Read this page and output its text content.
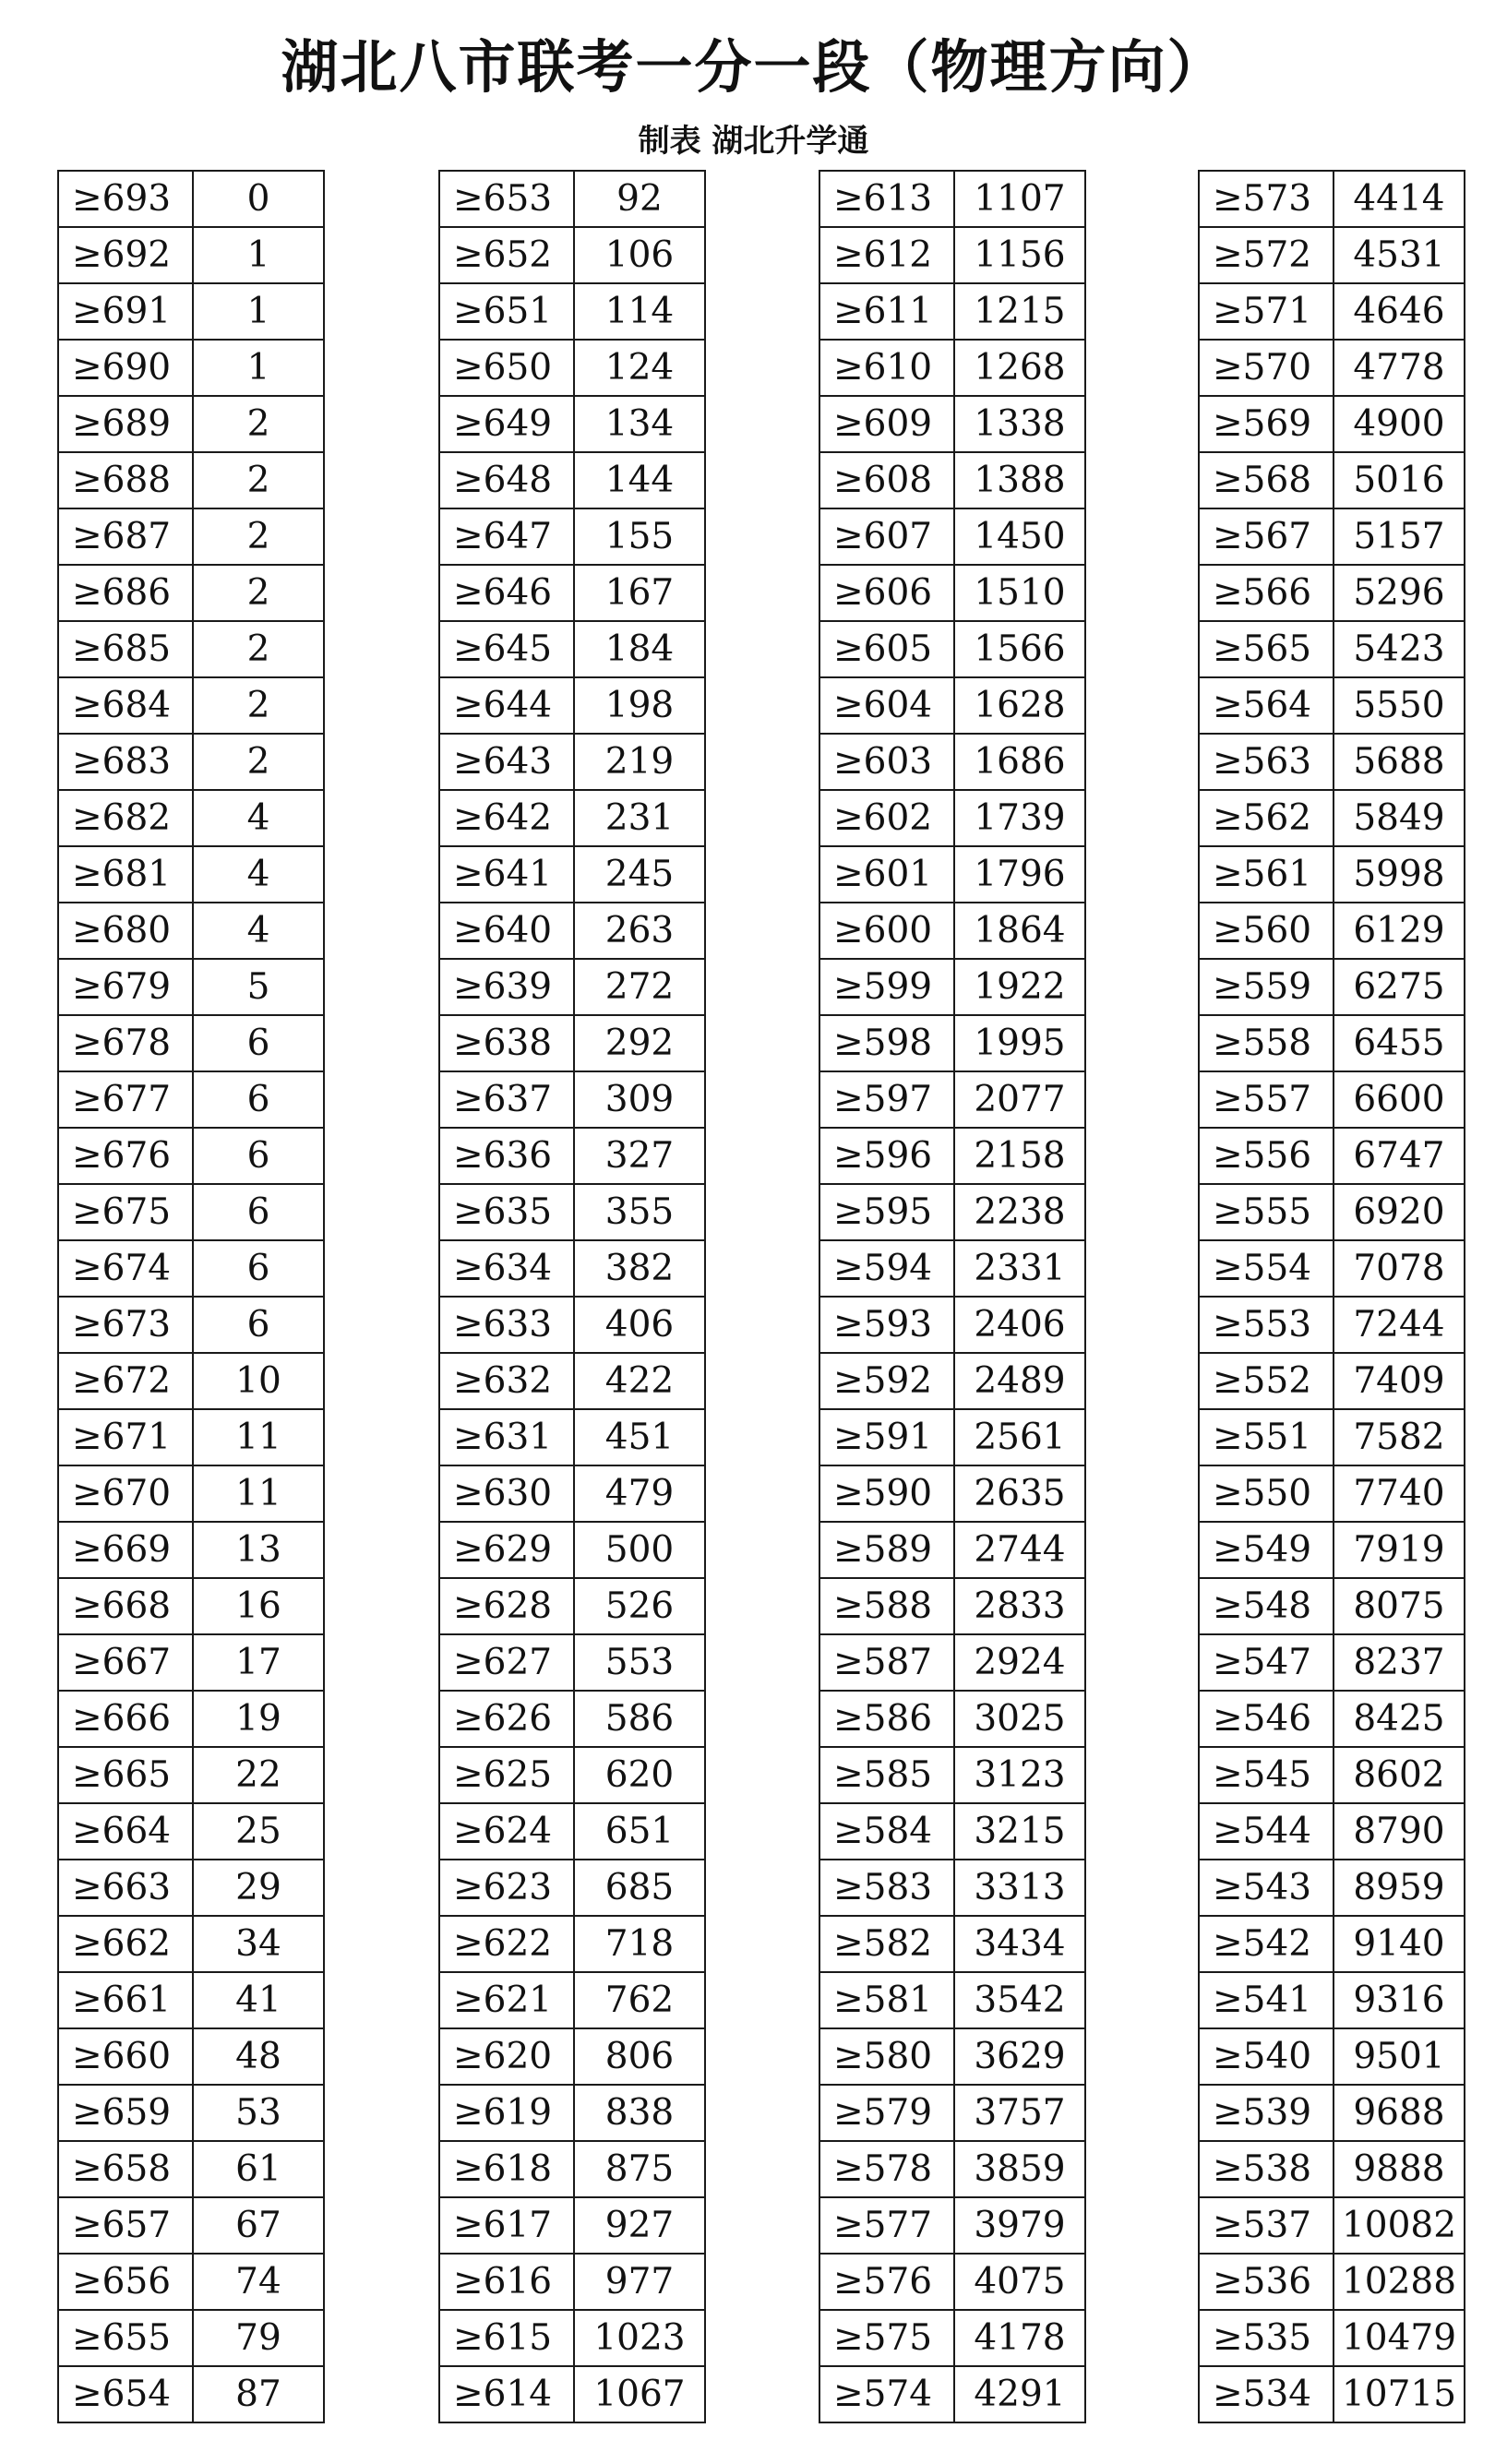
湖北八市联考一分一段（物理方向）
制表 湖北升学通
≥693	0
≥692	1
≥691	1
≥690	1
≥689	2
≥688	2
≥687	2
≥686	2
≥685	2
≥684	2
≥683	2
≥682	4
≥681	4
≥680	4
≥679	5
≥678	6
≥677	6
≥676	6
≥675	6
≥674	6
≥673	6
≥672	10
≥671	11
≥670	11
≥669	13
≥668	16
≥667	17
≥666	19
≥665	22
≥664	25
≥663	29
≥662	34
≥661	41
≥660	48
≥659	53
≥658	61
≥657	67
≥656	74
≥655	79
≥654	87
≥653	92
≥652	106
≥651	114
≥650	124
≥649	134
≥648	144
≥647	155
≥646	167
≥645	184
≥644	198
≥643	219
≥642	231
≥641	245
≥640	263
≥639	272
≥638	292
≥637	309
≥636	327
≥635	355
≥634	382
≥633	406
≥632	422
≥631	451
≥630	479
≥629	500
≥628	526
≥627	553
≥626	586
≥625	620
≥624	651
≥623	685
≥622	718
≥621	762
≥620	806
≥619	838
≥618	875
≥617	927
≥616	977
≥615	1023
≥614	1067
≥613	1107
≥612	1156
≥611	1215
≥610	1268
≥609	1338
≥608	1388
≥607	1450
≥606	1510
≥605	1566
≥604	1628
≥603	1686
≥602	1739
≥601	1796
≥600	1864
≥599	1922
≥598	1995
≥597	2077
≥596	2158
≥595	2238
≥594	2331
≥593	2406
≥592	2489
≥591	2561
≥590	2635
≥589	2744
≥588	2833
≥587	2924
≥586	3025
≥585	3123
≥584	3215
≥583	3313
≥582	3434
≥581	3542
≥580	3629
≥579	3757
≥578	3859
≥577	3979
≥576	4075
≥575	4178
≥574	4291
≥573	4414
≥572	4531
≥571	4646
≥570	4778
≥569	4900
≥568	5016
≥567	5157
≥566	5296
≥565	5423
≥564	5550
≥563	5688
≥562	5849
≥561	5998
≥560	6129
≥559	6275
≥558	6455
≥557	6600
≥556	6747
≥555	6920
≥554	7078
≥553	7244
≥552	7409
≥551	7582
≥550	7740
≥549	7919
≥548	8075
≥547	8237
≥546	8425
≥545	8602
≥544	8790
≥543	8959
≥542	9140
≥541	9316
≥540	9501
≥539	9688
≥538	9888
≥537	10082
≥536	10288
≥535	10479
≥534	10715
